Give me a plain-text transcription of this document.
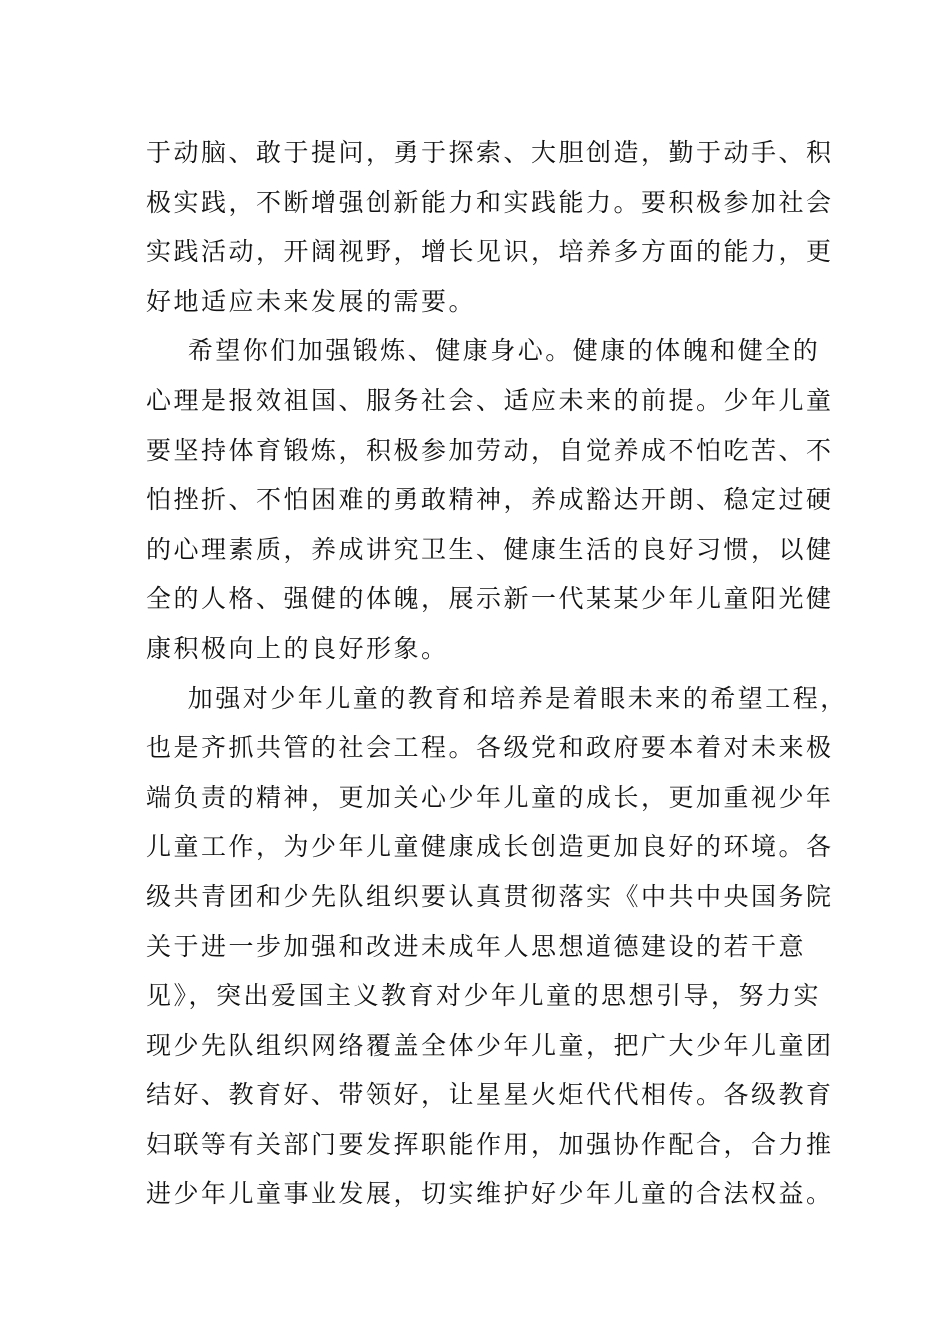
于动脑、敢于提问，勇于探索、大胆创造，勤于动手、积
极实践，不断增强创新能力和实践能力。要积极参加社会
实践活动，开阔视野，增长见识，培养多方面的能力，更
好地适应未来发展的需要。
希望你们加强锻炼、健康身心。健康的体魄和健全的
心理是报效祖国、服务社会、适应未来的前提。少年儿童
要坚持体育锻炼，积极参加劳动，自觉养成不怕吃苦、不
怕挫折、不怕困难的勇敢精神，养成豁达开朗、稳定过硬
的心理素质，养成讲究卫生、健康生活的良好习惯，以健
全的人格、强健的体魄，展示新一代某某少年儿童阳光健
康积极向上的良好形象。
加强对少年儿童的教育和培养是着眼未来的希望工程，
也是齐抓共管的社会工程。各级党和政府要本着对未来极
端负责的精神，更加关心少年儿童的成长，更加重视少年
儿童工作，为少年儿童健康成长创造更加良好的环境。各
级共青团和少先队组织要认真贯彻落实《中共中央国务院
关于进一步加强和改进未成年人思想道德建设的若干意
见》，突出爱国主义教育对少年儿童的思想引导，努力实
现少先队组织网络覆盖全体少年儿童，把广大少年儿童团
结好、教育好、带领好，让星星火炬代代相传。各级教育
妇联等有关部门要发挥职能作用，加强协作配合，合力推
进少年儿童事业发展，切实维护好少年儿童的合法权益。
